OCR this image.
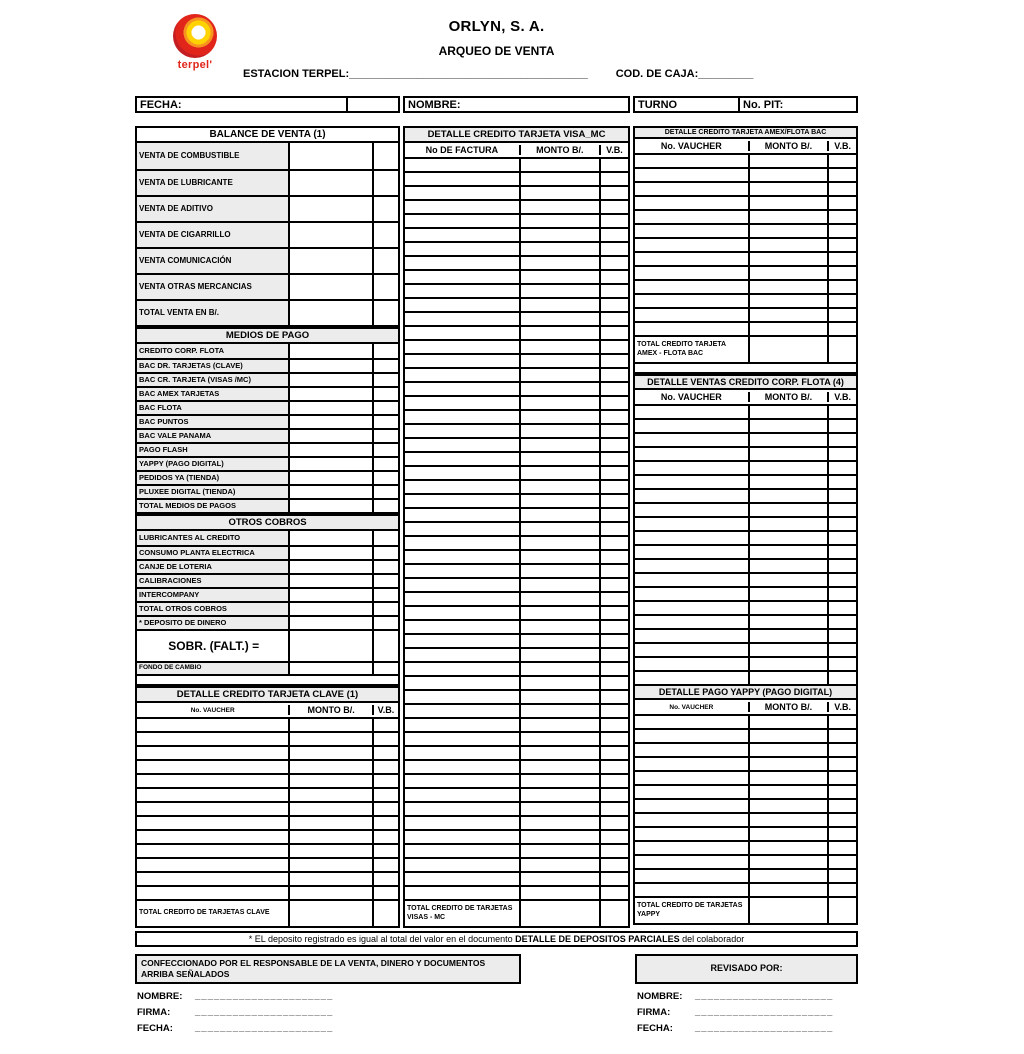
terpel'
ORLYN, S. A.
ARQUEO DE VENTA
ESTACION TERPEL:_______________________________________	COD. DE CAJA:_________
FECHA:	NOMBRE:	TURNO	No. PIT:
BALANCE DE VENTA (1)
VENTA DE COMBUSTIBLE
VENTA DE LUBRICANTE
VENTA DE ADITIVO
VENTA DE CIGARRILLO
VENTA COMUNICACIÓN
VENTA OTRAS MERCANCIAS
TOTAL VENTA EN B/.
MEDIOS DE PAGO
CREDITO CORP. FLOTA
BAC DR. TARJETAS (CLAVE)
BAC CR. TARJETA (VISAS /MC)
BAC AMEX TARJETAS
BAC FLOTA
BAC PUNTOS
BAC VALE PANAMA
PAGO FLASH
YAPPY (PAGO DIGITAL)
PEDIDOS YA (TIENDA)
PLUXEE DIGITAL (TIENDA)
TOTAL MEDIOS DE PAGOS
OTROS COBROS
LUBRICANTES AL CREDITO
CONSUMO PLANTA ELECTRICA
CANJE DE LOTERIA
CALIBRACIONES
INTERCOMPANY
TOTAL OTROS COBROS
* DEPOSITO DE DINERO
SOBR. (FALT.) =
FONDO DE CAMBIO
DETALLE CREDITO TARJETA CLAVE (1)
No. VAUCHER	MONTO B/.	V.B.
TOTAL CREDITO DE TARJETAS CLAVE
DETALLE CREDITO TARJETA VISA_MC
No DE FACTURA	MONTO B/.	V.B.
TOTAL CREDITO DE TARJETAS VISAS - MC
DETALLE CREDITO TARJETA AMEX/FLOTA BAC
No. VAUCHER	MONTO B/.	V.B.
TOTAL CREDITO TARJETA AMEX - FLOTA BAC
DETALLE VENTAS CREDITO CORP. FLOTA (4)
No. VAUCHER	MONTO B/.	V.B.
DETALLE PAGO YAPPY (PAGO DIGITAL)
No. VAUCHER	MONTO B/.	V.B.
TOTAL CREDITO DE TARJETAS YAPPY
* EL deposito registrado es igual al total del valor en el documento DETALLE DE DEPOSITOS PARCIALES del colaborador
CONFECCIONADO POR EL RESPONSABLE DE LA VENTA, DINERO Y DOCUMENTOS ARRIBA SEÑALADOS
REVISADO POR:
NOMBRE:	______________________
FIRMA:	______________________
FECHA:	______________________
NOMBRE:	______________________
FIRMA:	______________________
FECHA:	______________________
